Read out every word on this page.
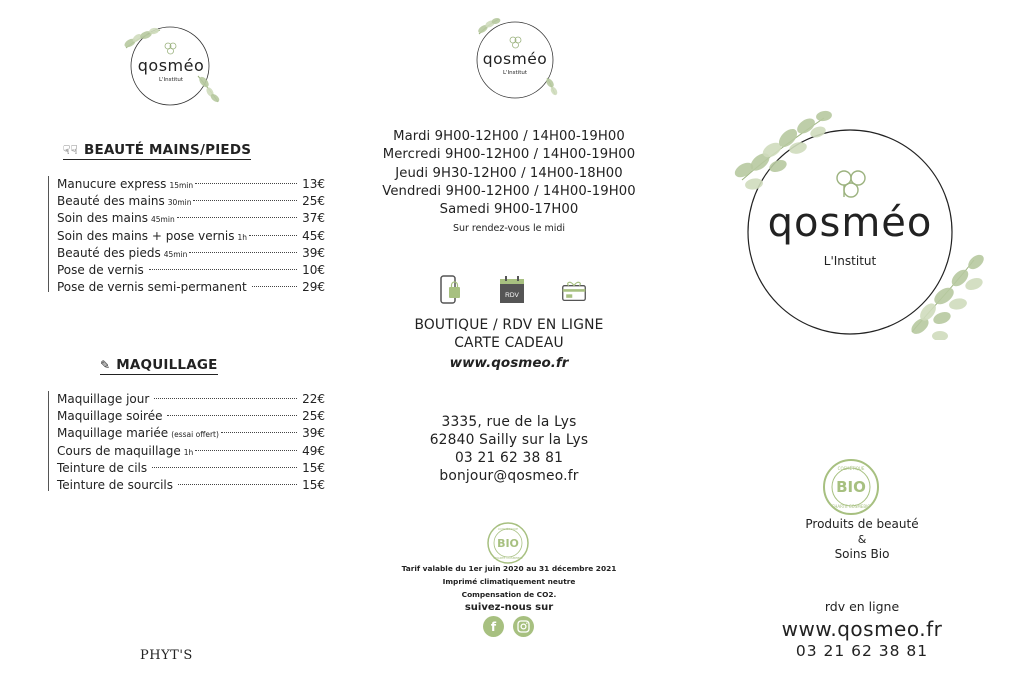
qosméo
L'Institut
☟☟ BEAUTÉ MAINS/PIEDS
Manucure express 15min	13€
Beauté des mains 30min	25€
Soin des mains 45min	37€
Soin des mains + pose vernis 1h	45€
Beauté des pieds 45min	39€
Pose de vernis	10€
Pose de vernis semi-permanent	29€
✎ MAQUILLAGE
Maquillage jour	22€
Maquillage soirée	25€
Maquillage mariée (essai offert)	39€
Cours de maquillage 1h	49€
Teinture de cils	15€
Teinture de sourcils	15€
PHYT'S
qosméo
L'Institut
Mardi 9H00-12H00 / 14H00-19H00
Mercredi 9H00-12H00 / 14H00-19H00
Jeudi 9H30-12H00 / 14H00-18H00
Vendredi 9H00-12H00 / 14H00-19H00
Samedi 9H00-17H00
Sur rendez-vous le midi
RDV
BOUTIQUE / RDV EN LIGNE
CARTE CADEAU
www.qosmeo.fr
3335, rue de la Lys
62840 Sailly sur la Lys
03 21 62 38 81
bonjour@qosmeo.fr
BIO
COSMÉTIQUE
CHARTE COSMEBIO
Tarif valable du 1er juin 2020 au 31 décembre 2021
Imprimé climatiquement neutre
Compensation de CO2.
suivez-nous sur
f
qosméo
L'Institut
BIO
COSMÉTIQUE
CHARTE COSMEBIO
Produits de beauté
&
Soins Bio
rdv en ligne
www.qosmeo.fr
03 21 62 38 81
